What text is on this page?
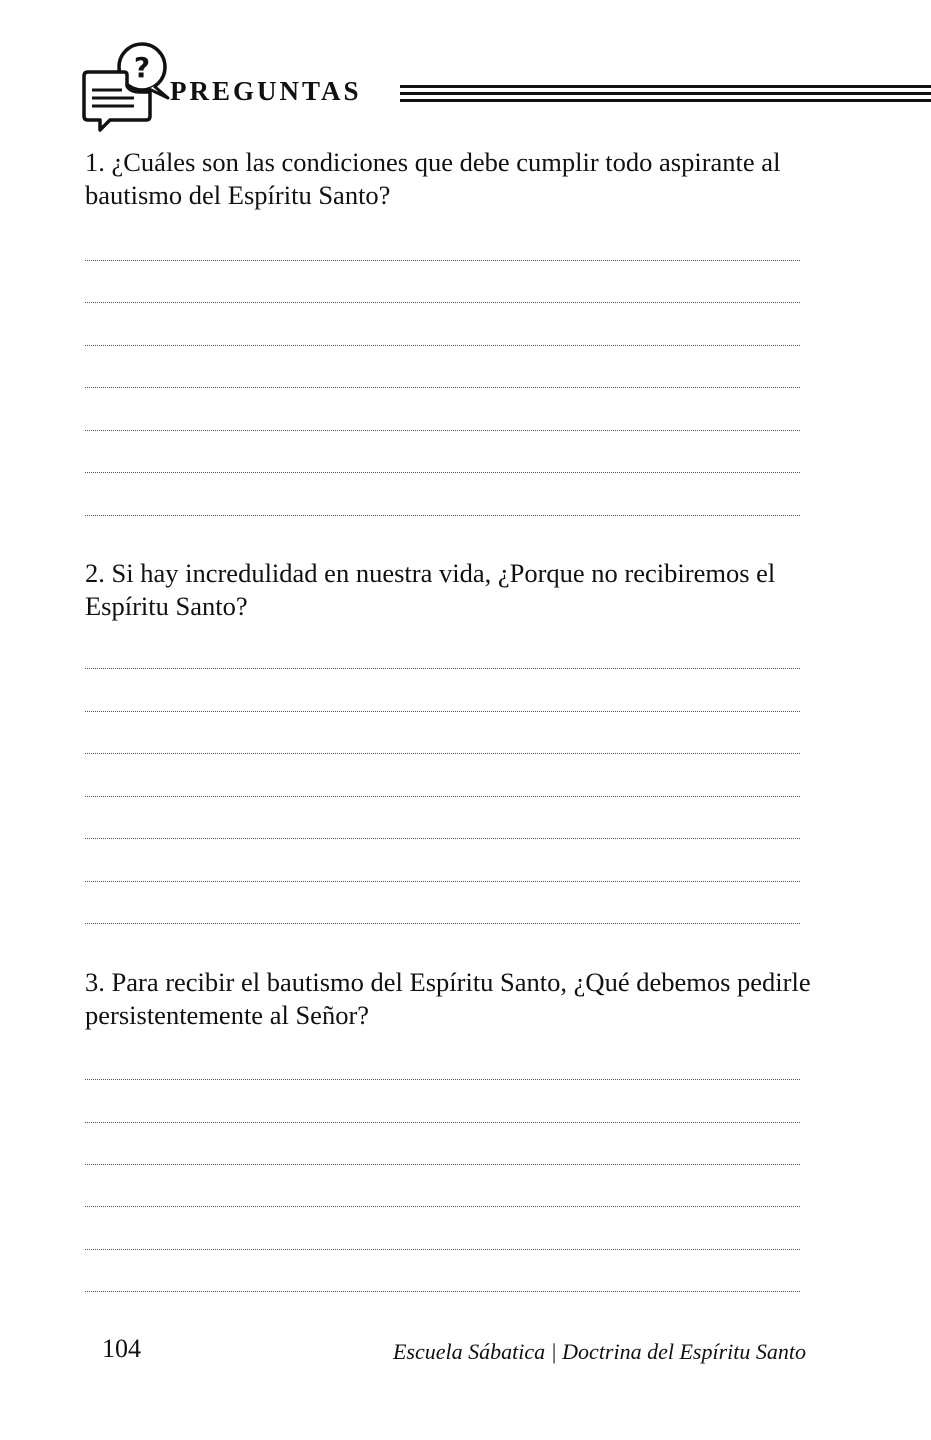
?
PREGUNTAS

1. ¿Cuáles son las condiciones que debe cumplir todo aspirante al bautismo del Espíritu Santo?

2. Si hay incredulidad en nuestra vida, ¿Porque no recibiremos el Espíritu Santo?

3. Para recibir el bautismo del Espíritu Santo, ¿Qué debemos pedirle persistentemente al Señor?

104	Escuela Sábatica | Doctrina del Espíritu Santo
